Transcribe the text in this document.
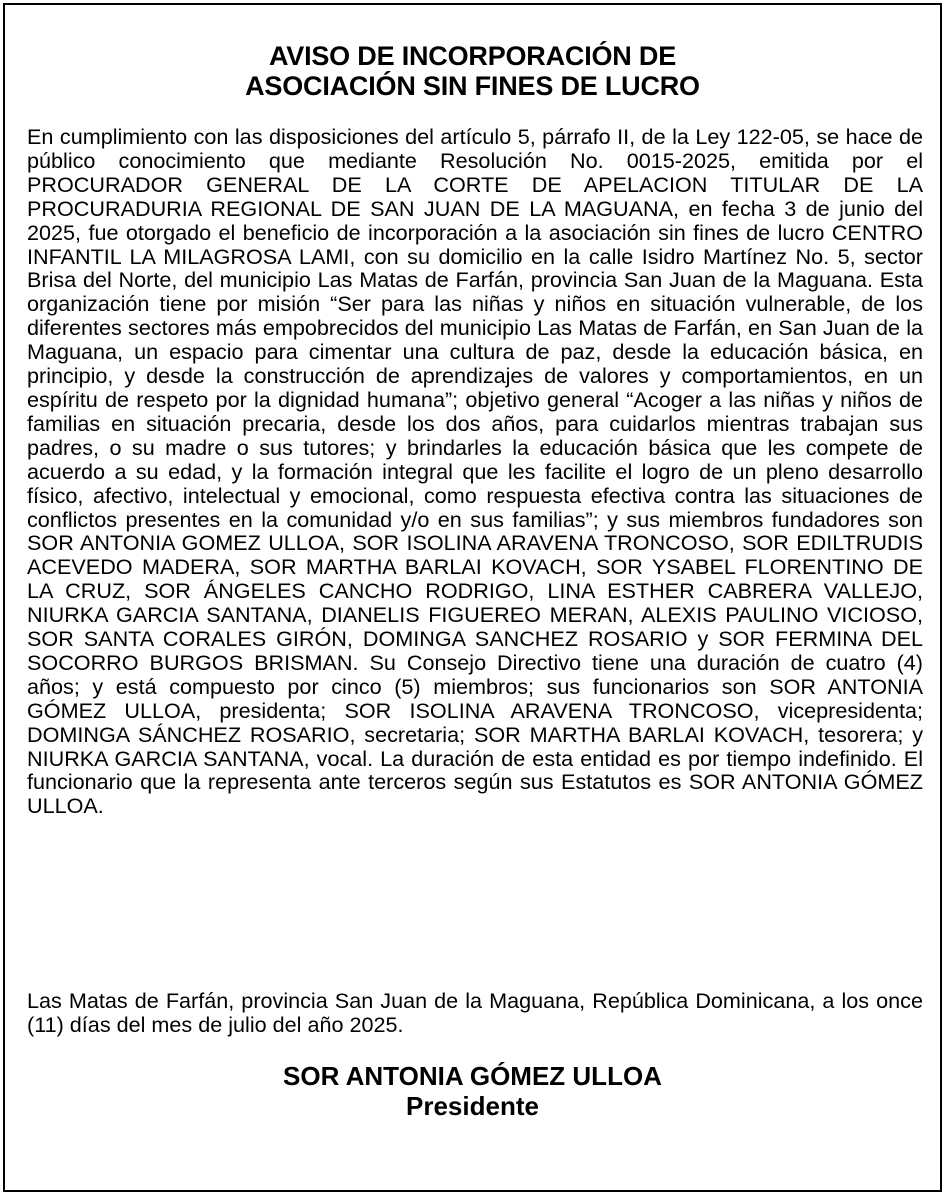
AVISO DE INCORPORACIÓN DE
ASOCIACIÓN SIN FINES DE LUCRO

En cumplimiento con las disposiciones del artículo 5, párrafo II, de la Ley 122-05, se hace de público conocimiento que mediante Resolución No. 0015-2025, emitida por el PROCURADOR GENERAL DE LA CORTE DE APELACION TITULAR DE LA PROCURADURIA REGIONAL DE SAN JUAN DE LA MAGUANA, en fecha 3 de junio del 2025, fue otorgado el beneficio de incorporación a la asociación sin fines de lucro CENTRO INFANTIL LA MILAGROSA LAMI, con su domicilio en la calle Isidro Martínez No. 5, sector Brisa del Norte, del municipio Las Matas de Farfán, provincia San Juan de la Maguana. Esta organización tiene por misión “Ser para las niñas y niños en situación vulnerable, de los diferentes sectores más empobrecidos del municipio Las Matas de Farfán, en San Juan de la Maguana, un espacio para cimentar una cultura de paz, desde la educación básica, en principio, y desde la construcción de aprendizajes de valores y comportamientos, en un espíritu de respeto por la dignidad humana”; objetivo general “Acoger a las niñas y niños de familias en situación precaria, desde los dos años, para cuidarlos mientras trabajan sus padres, o su madre o sus tutores; y brindarles la educación básica que les compete de acuerdo a su edad, y la formación integral que les facilite el logro de un pleno desarrollo físico, afectivo, intelectual y emocional, como respuesta efectiva contra las situaciones de conflictos presentes en la comunidad y/o en sus familias”; y sus miembros fundadores son SOR ANTONIA GOMEZ ULLOA, SOR ISOLINA ARAVENA TRONCOSO, SOR EDILTRUDIS ACEVEDO MADERA, SOR MARTHA BARLAI KOVACH, SOR YSABEL FLORENTINO DE LA CRUZ, SOR ÁNGELES CANCHO RODRIGO, LINA ESTHER CABRERA VALLEJO, NIURKA GARCIA SANTANA, DIANELIS FIGUEREO MERAN, ALEXIS PAULINO VICIOSO, SOR SANTA CORALES GIRÓN, DOMINGA SANCHEZ ROSARIO y SOR FERMINA DEL SOCORRO BURGOS BRISMAN. Su Consejo Directivo tiene una duración de cuatro (4) años; y está compuesto por cinco (5) miembros; sus funcionarios son SOR ANTONIA GÓMEZ ULLOA, presidenta; SOR ISOLINA ARAVENA TRONCOSO, vicepresidenta; DOMINGA SÁNCHEZ ROSARIO, secretaria; SOR MARTHA BARLAI KOVACH, tesorera; y NIURKA GARCIA SANTANA, vocal. La duración de esta entidad es por tiempo indefinido. El funcionario que la representa ante terceros según sus Estatutos es SOR ANTONIA GÓMEZ ULLOA.

Las Matas de Farfán, provincia San Juan de la Maguana, República Dominicana, a los once (11) días del mes de julio del año 2025.

SOR ANTONIA GÓMEZ ULLOA
Presidente
